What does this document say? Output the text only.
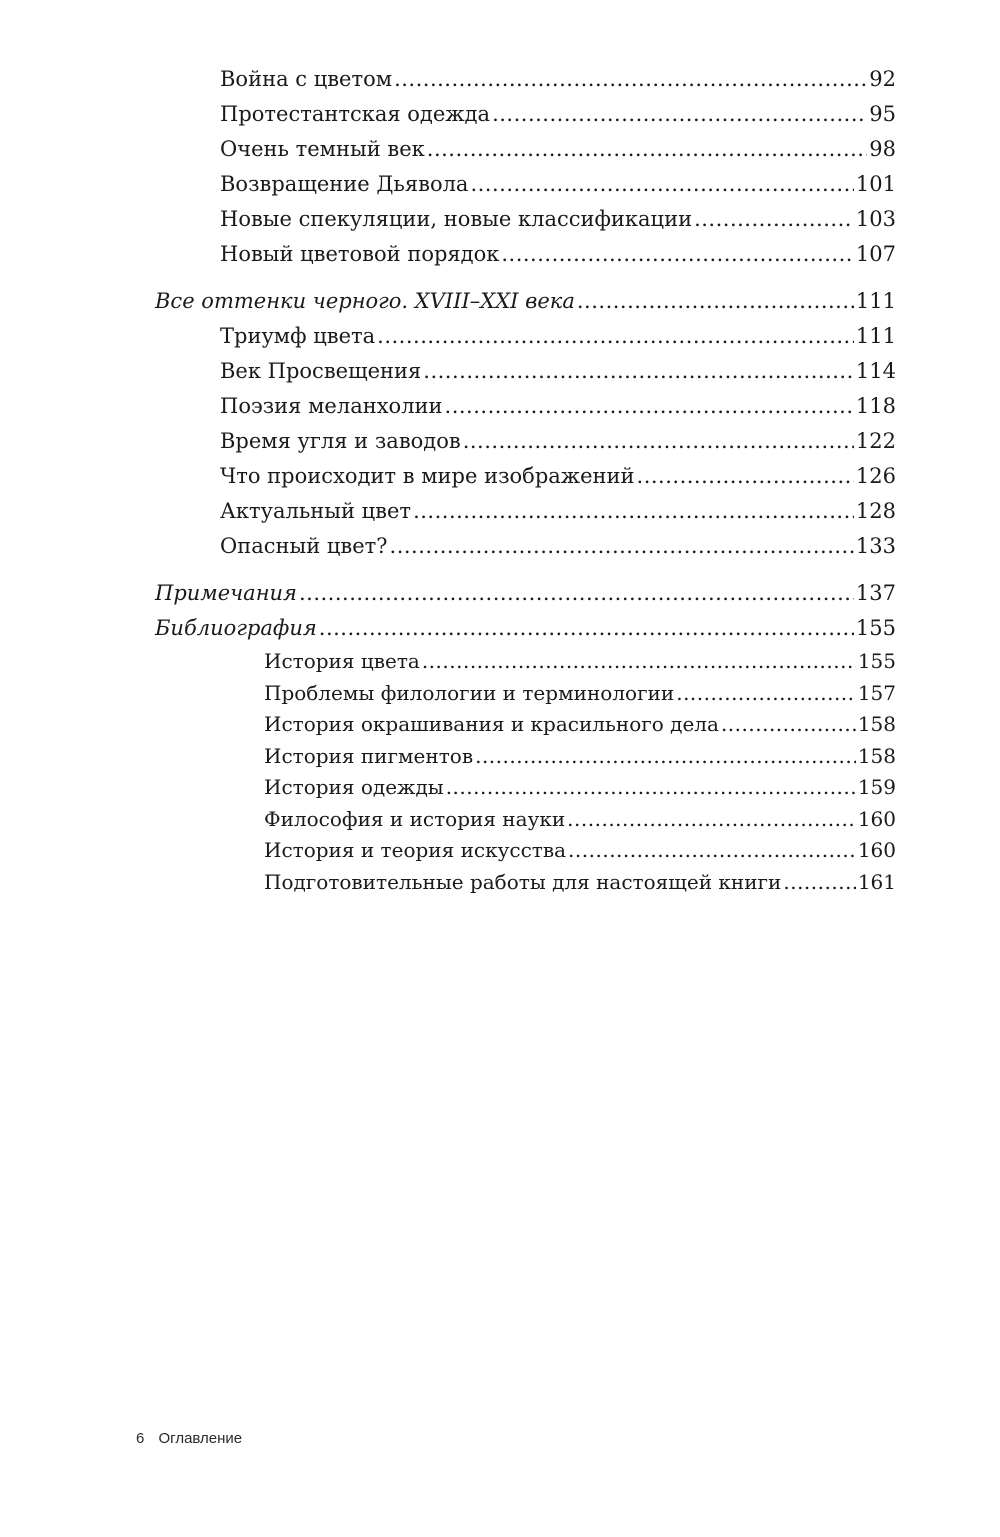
Война с цветом .....	92
Протестантская одежда .....	95
Очень темный век .....	98
Возвращение Дьявола .....	101
Новые спекуляции, новые классификации .....	103
Новый цветовой порядок .....	107
Все оттенки черного. XVIII–XXI века .....	111
Триумф цвета .....	111
Век Просвещения .....	114
Поэзия меланхолии .....	118
Время угля и заводов .....	122
Что происходит в мире изображений .....	126
Актуальный цвет .....	128
Опасный цвет? .....	133
Примечания .....	137
Библиография .....	155
История цвета .....	155
Проблемы филологии и терминологии .....	157
История окрашивания и красильного дела .....	158
История пигментов .....	158
История одежды .....	159
Философия и история науки .....	160
История и теория искусства .....	160
Подготовительные работы для настоящей книги .....	161
6 Оглавление
